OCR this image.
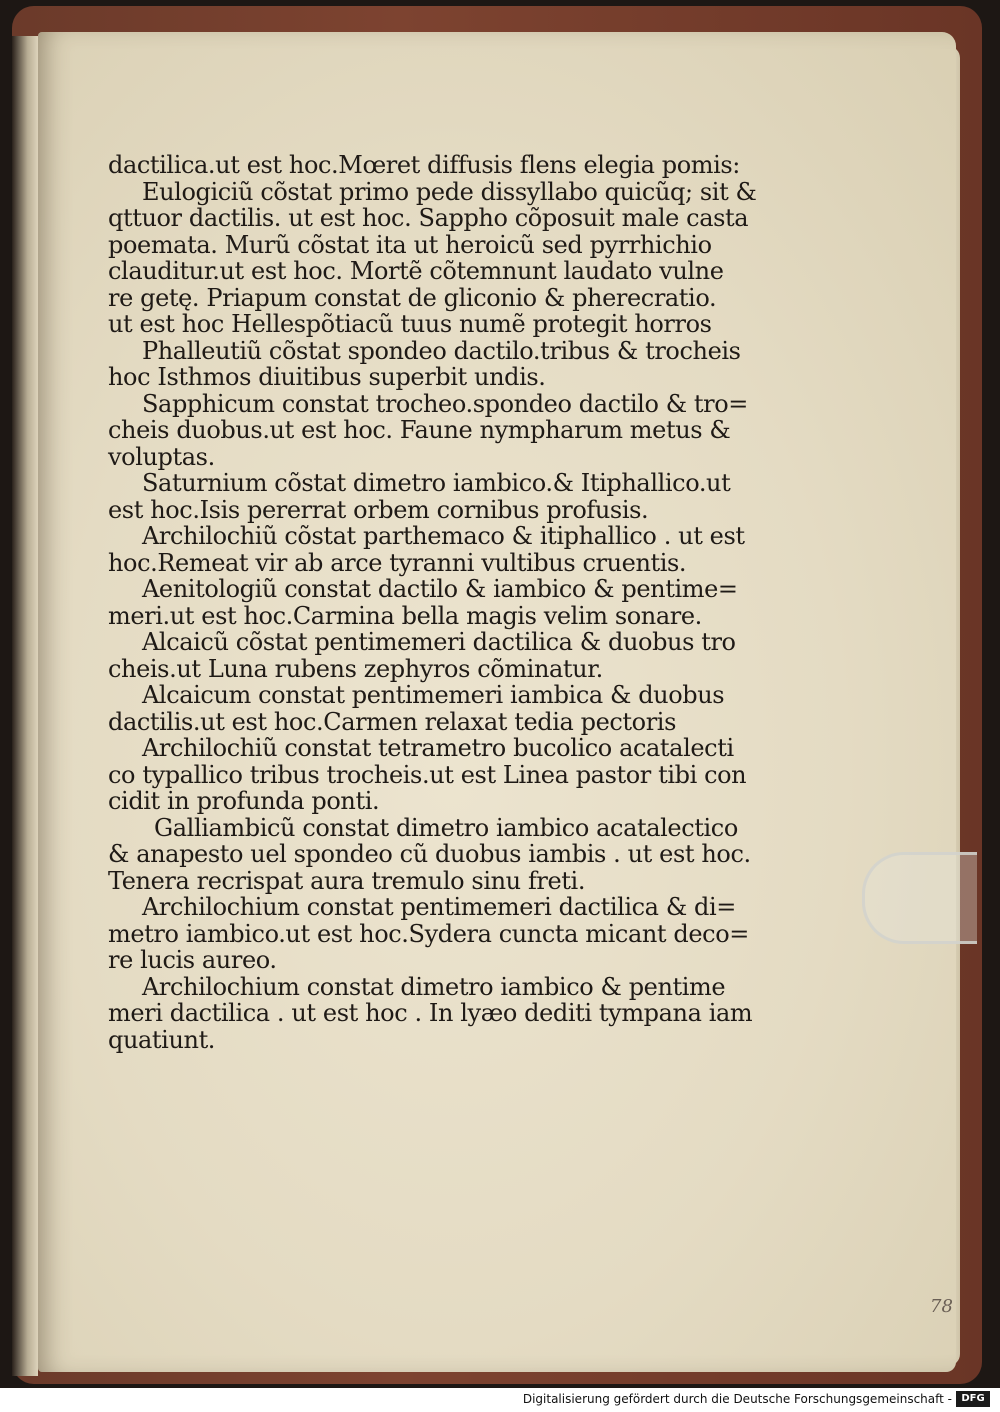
dactilica.ut est hoc.Mœret diffusis flens elegia pomis:
Eulogiciũ cõstat primo pede dissyllabo quicũq; sit &
qttuor dactilis. ut est hoc. Sappho cõposuit male casta
poemata. Murũ cõstat ita ut heroicũ sed pyrrhichio
clauditur.ut est hoc. Mortẽ cõtemnunt laudato vulne
re getę. Priapum constat de gliconio & pherecratio.
ut est hoc Hellespõtiacũ tuus numẽ protegit horros
Phalleutiũ cõstat spondeo dactilo.tribus & trocheis
hoc Isthmos diuitibus superbit undis.
Sapphicum constat trocheo.spondeo dactilo & tro=
cheis duobus.ut est hoc. Faune nympharum metus &
voluptas.
Saturnium cõstat dimetro iambico.& Itiphallico.ut
est hoc.Isis pererrat orbem cornibus profusis.
Archilochiũ cõstat parthemaco & itiphallico . ut est
hoc.Remeat vir ab arce tyranni vultibus cruentis.
Aenitologiũ constat dactilo & iambico & pentime=
meri.ut est hoc.Carmina bella magis velim sonare.
Alcaicũ cõstat pentimemeri dactilica & duobus tro
cheis.ut Luna rubens zephyros cõminatur.
Alcaicum constat pentimemeri iambica & duobus
dactilis.ut est hoc.Carmen relaxat tedia pectoris
Archilochiũ constat tetrametro bucolico acatalecti
co typallico tribus trocheis.ut est Linea pastor tibi con
cidit in profunda ponti.
Galliambicũ constat dimetro iambico acatalectico
& anapesto uel spondeo cũ duobus iambis . ut est hoc.
Tenera recrispat aura tremulo sinu freti.
Archilochium constat pentimemeri dactilica & di=
metro iambico.ut est hoc.Sydera cuncta micant deco=
re lucis aureo.
Archilochium constat dimetro iambico & pentime
meri dactilica . ut est hoc . In lyæo dediti tympana iam
quatiunt.
78
Digitalisierung gefördert durch die Deutsche Forschungsgemeinschaft - DFG
